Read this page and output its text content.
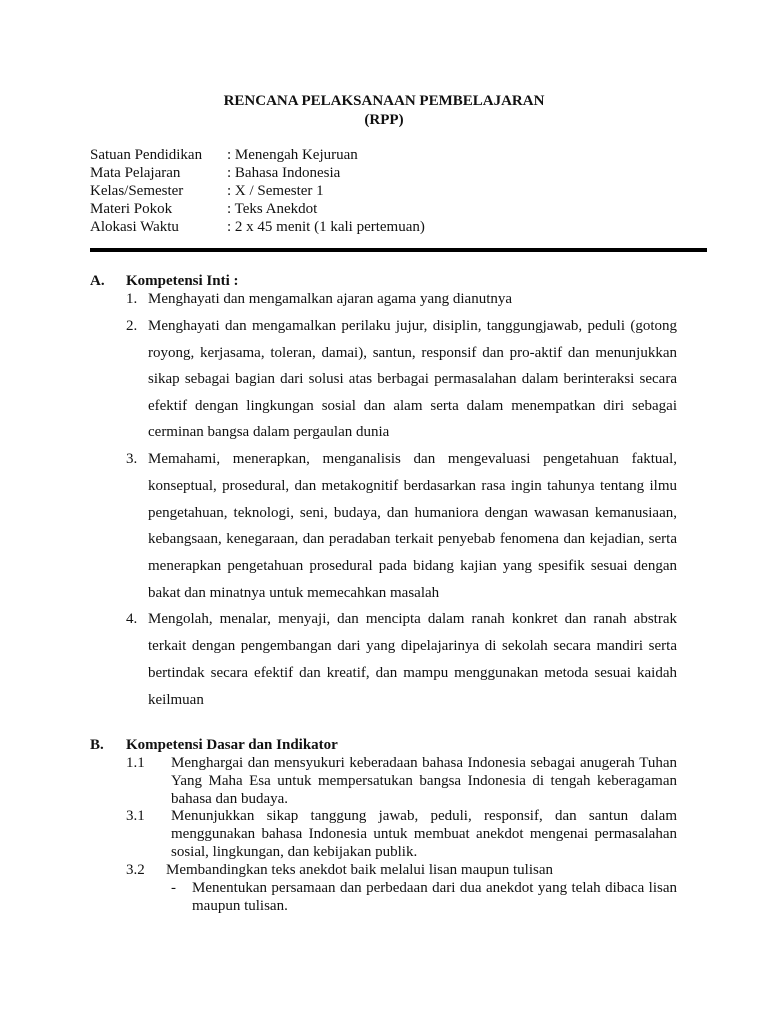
RENCANA PELAKSANAAN PEMBELAJARAN
(RPP)
Satuan Pendidikan : Menengah Kejuruan
Mata Pelajaran	: Bahasa Indonesia
Kelas/Semester	: X / Semester 1
Materi Pokok	: Teks Anekdot
Alokasi Waktu	: 2 x 45 menit (1 kali pertemuan)
A. Kompetensi Inti :
1. Menghayati dan mengamalkan ajaran agama yang dianutnya
2. Menghayati dan mengamalkan perilaku jujur, disiplin, tanggungjawab, peduli (gotong
royong, kerjasama, toleran, damai), santun, responsif dan pro-aktif dan menunjukkan
sikap sebagai bagian dari solusi atas berbagai permasalahan dalam berinteraksi secara
efektif dengan lingkungan sosial dan alam serta dalam menempatkan diri sebagai
cerminan bangsa dalam pergaulan dunia
3. Memahami, menerapkan, menganalisis dan mengevaluasi pengetahuan faktual,
konseptual, prosedural, dan metakognitif berdasarkan rasa ingin tahunya tentang ilmu
pengetahuan, teknologi, seni, budaya, dan humaniora dengan wawasan kemanusiaan,
kebangsaan, kenegaraan, dan peradaban terkait penyebab fenomena dan kejadian, serta
menerapkan pengetahuan prosedural pada bidang kajian yang spesifik sesuai dengan
bakat dan minatnya untuk memecahkan masalah
4. Mengolah, menalar, menyaji, dan mencipta dalam ranah konkret dan ranah abstrak
terkait dengan pengembangan dari yang dipelajarinya di sekolah secara mandiri serta
bertindak secara efektif dan kreatif, dan mampu menggunakan metoda sesuai kaidah
keilmuan
B. Kompetensi Dasar dan Indikator
1.1 Menghargai dan mensyukuri keberadaan bahasa Indonesia sebagai anugerah Tuhan
Yang Maha Esa untuk mempersatukan bangsa Indonesia di tengah keberagaman
bahasa dan budaya.
3.1 Menunjukkan sikap tanggung jawab, peduli, responsif, dan santun dalam
menggunakan bahasa Indonesia untuk membuat anekdot mengenai permasalahan
sosial, lingkungan, dan kebijakan publik.
3.2 Membandingkan teks anekdot baik melalui lisan maupun tulisan
- Menentukan persamaan dan perbedaan dari dua anekdot yang telah dibaca lisan
maupun tulisan.
